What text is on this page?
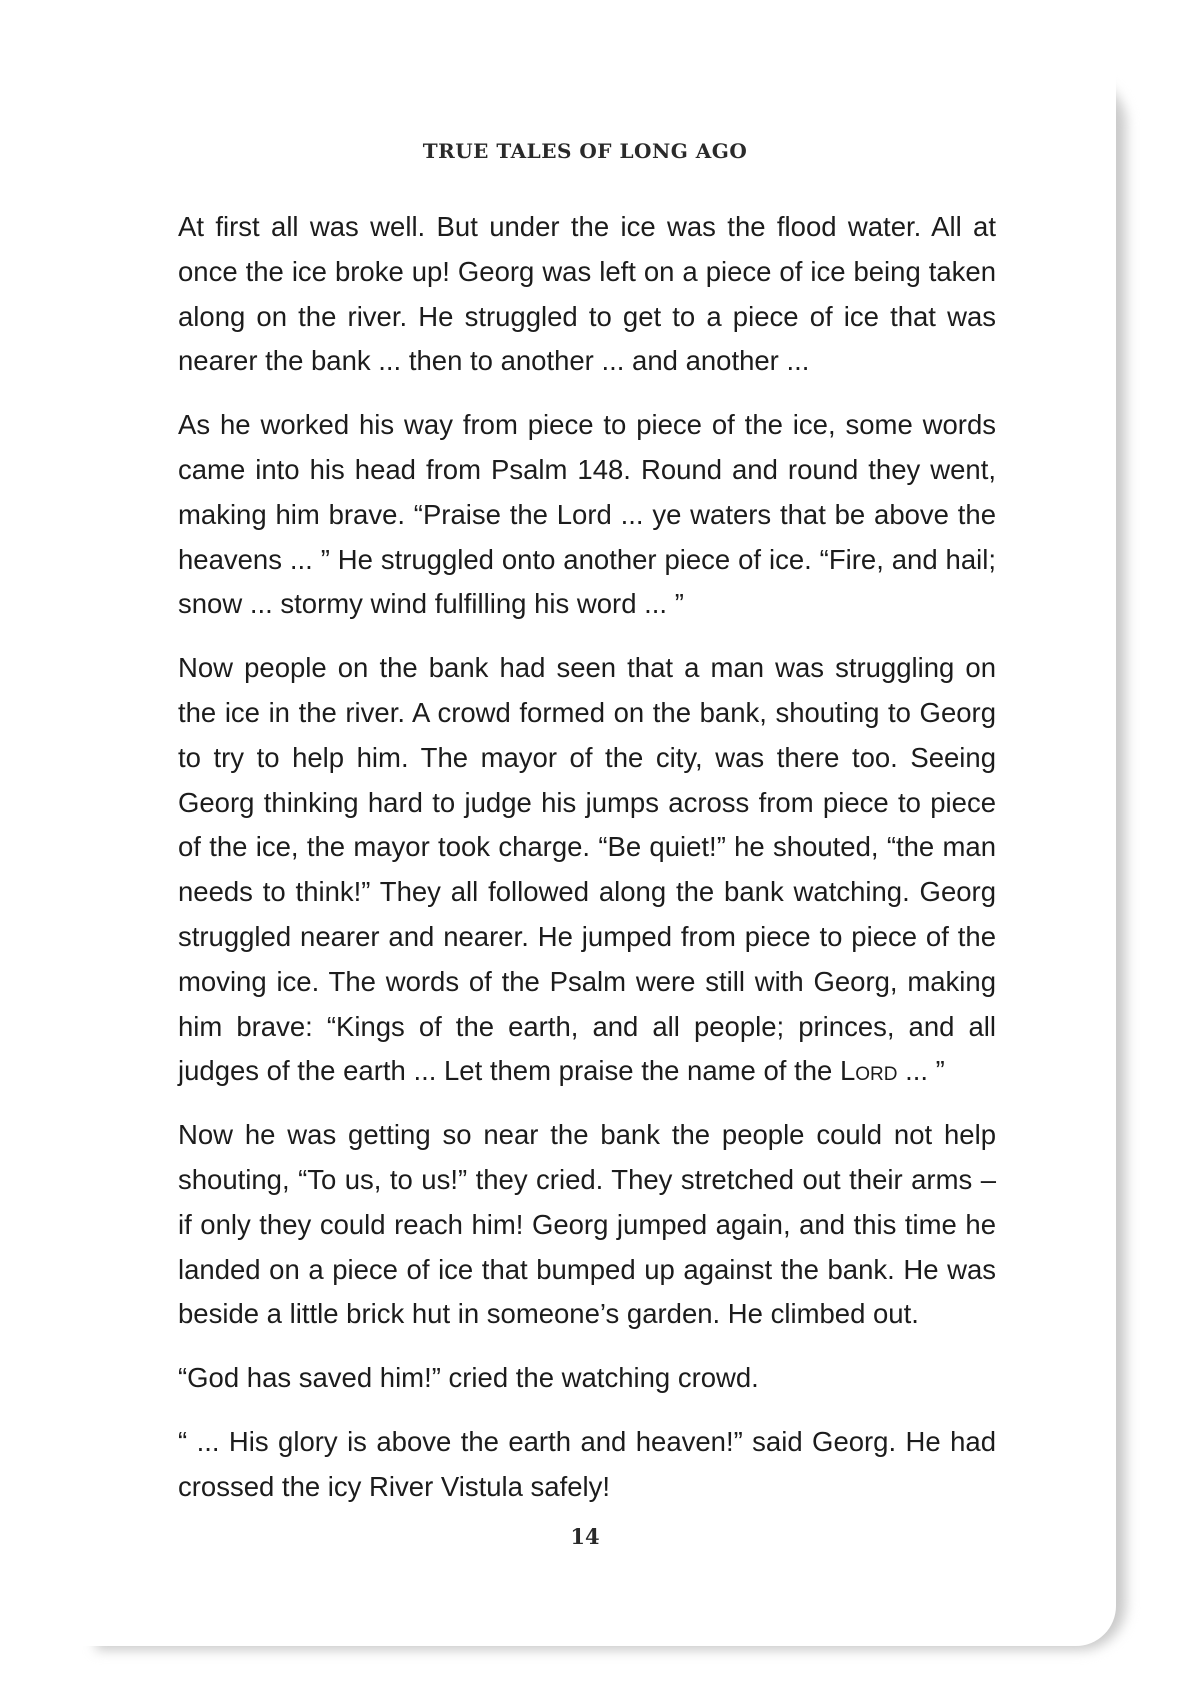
TRUE TALES OF LONG AGO

At first all was well. But under the ice was the flood water. All at once the ice broke up! Georg was left on a piece of ice being taken along on the river. He struggled to get to a piece of ice that was nearer the bank ... then to another ... and another ...

As he worked his way from piece to piece of the ice, some words came into his head from Psalm 148. Round and round they went, making him brave. “Praise the Lord ... ye waters that be above the heavens ... ” He struggled onto another piece of ice. “Fire, and hail; snow ... stormy wind fulfilling his word ... ”

Now people on the bank had seen that a man was struggling on the ice in the river. A crowd formed on the bank, shouting to Georg to try to help him. The mayor of the city, was there too. Seeing Georg thinking hard to judge his jumps across from piece to piece of the ice, the mayor took charge. “Be quiet!” he shouted, “the man needs to think!” They all followed along the bank watching. Georg struggled nearer and nearer. He jumped from piece to piece of the moving ice. The words of the Psalm were still with Georg, making him brave: “Kings of the earth, and all people; princes, and all judges of the earth ... Let them praise the name of the Lord ... ”

Now he was getting so near the bank the people could not help shouting, “To us, to us!” they cried. They stretched out their arms – if only they could reach him! Georg jumped again, and this time he landed on a piece of ice that bumped up against the bank. He was beside a little brick hut in someone’s garden. He climbed out.

“God has saved him!” cried the watching crowd.

“ ... His glory is above the earth and heaven!” said Georg. He had crossed the icy River Vistula safely!

14
